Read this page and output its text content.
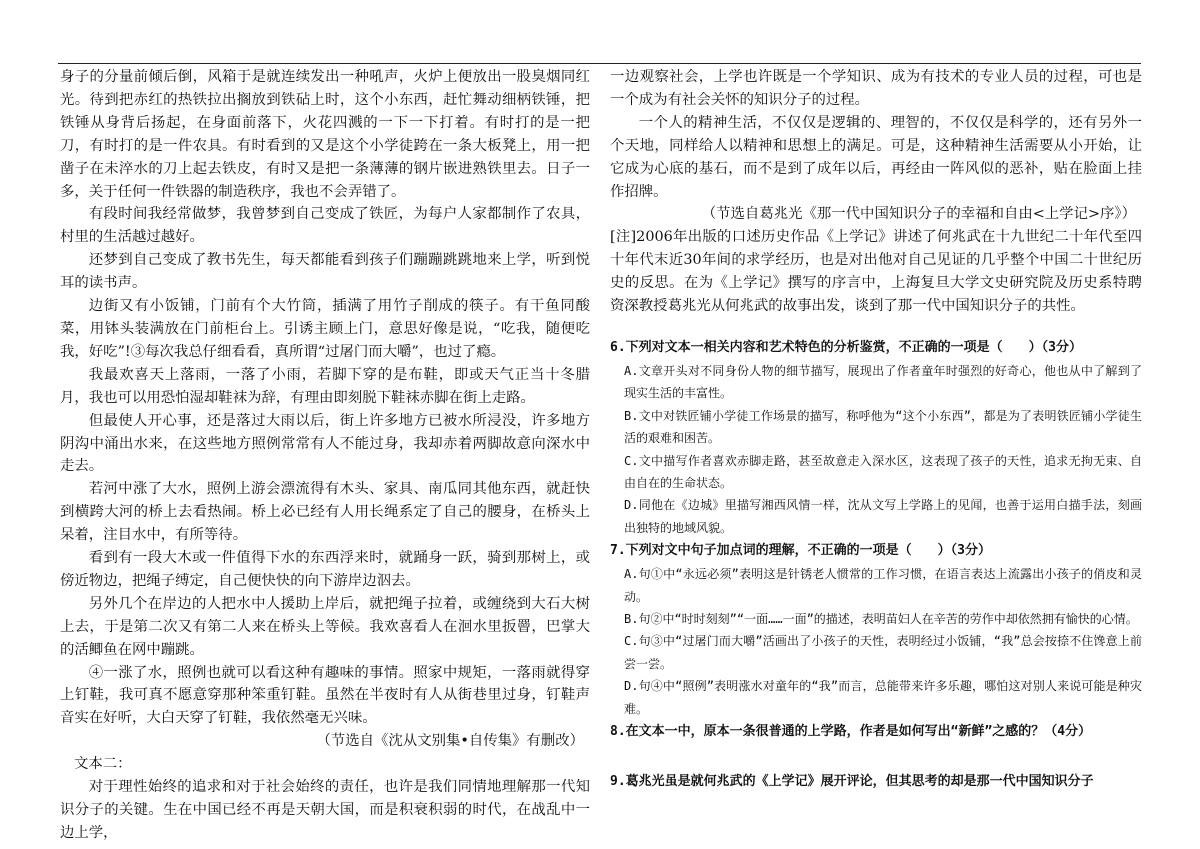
身子的分量前倾后倒，风箱于是就连续发出一种吼声，火炉上便放出一股臭烟同红光。待到把赤红的热铁拉出搁放到铁砧上时，这个小东西，赶忙舞动细柄铁锤，把铁锤从身背后扬起，在身面前落下，火花四溅的一下一下打着。有时打的是一把刀，有时打的是一件农具。有时看到的又是这个小学徒跨在一条大板凳上，用一把凿子在未淬水的刀上起去铁皮，有时又是把一条薄薄的钢片嵌进熟铁里去。日子一多，关于任何一件铁器的制造秩序，我也不会弄错了。

有段时间我经常做梦，我曾梦到自己变成了铁匠，为每户人家都制作了农具，村里的生活越过越好。

还梦到自己变成了教书先生，每天都能看到孩子们蹦蹦跳跳地来上学，听到悦耳的读书声。

边街又有小饭铺，门前有个大竹筒，插满了用竹子削成的筷子。有干鱼同酸菜，用钵头装满放在门前柜台上。引诱主顾上门，意思好像是说，“吃我，随便吃我，好吃”!③每次我总仔细看看，真所谓“过屠门而大嚼”，也过了瘾。

我最欢喜天上落雨，一落了小雨，若脚下穿的是布鞋，即或天气正当十冬腊月，我也可以用恐怕湿却鞋袜为辞，有理由即刻脱下鞋袜赤脚在街上走路。

但最使人开心事，还是落过大雨以后，街上许多地方已被水所浸没，许多地方阴沟中涌出水来，在这些地方照例常常有人不能过身，我却赤着两脚故意向深水中走去。

若河中涨了大水，照例上游会漂流得有木头、家具、南瓜同其他东西，就赶快到横跨大河的桥上去看热闹。桥上必已经有人用长绳系定了自己的腰身，在桥头上呆着，注目水中，有所等待。

看到有一段大木或一件值得下水的东西浮来时，就踊身一跃，骑到那树上，或傍近物边，把绳子缚定，自己便快快的向下游岸边泅去。

另外几个在岸边的人把水中人援助上岸后，就把绳子拉着，或缠绕到大石大树上去，于是第二次又有第二人来在桥头上等候。我欢喜看人在洄水里扳罾，巴掌大的活鲫鱼在网中蹦跳。

④一涨了水，照例也就可以看这种有趣味的事情。照家中规矩，一落雨就得穿上钉鞋，我可真不愿意穿那种笨重钉鞋。虽然在半夜时有人从街巷里过身，钉鞋声音实在好听，大白天穿了钉鞋，我依然毫无兴味。

（节选自《沈从文别集•自传集》有删改）

文本二：

对于理性始终的追求和对于社会始终的责任，也许是我们同情地理解那一代知识分子的关键。生在中国已经不再是天朝大国，而是积衰积弱的时代，在战乱中一边上学，

一边观察社会，上学也许既是一个学知识、成为有技术的专业人员的过程，可也是一个成为有社会关怀的知识分子的过程。

一个人的精神生活，不仅仅是逻辑的、理智的，不仅仅是科学的，还有另外一个天地，同样给人以精神和思想上的满足。可是，这种精神生活需要从小开始，让它成为心底的基石，而不是到了成年以后，再经由一阵风似的恶补，贴在脸面上挂作招牌。

（节选自葛兆光《那一代中国知识分子的幸福和自由<上学记>序》）

[注]2006年出版的口述历史作品《上学记》讲述了何兆武在十九世纪二十年代至四十年代末近30年间的求学经历，也是对出他对自己见证的几乎整个中国二十世纪历史的反思。在为《上学记》撰写的序言中，上海复旦大学文史研究院及历史系特聘资深教授葛兆光从何兆武的故事出发，谈到了那一代中国知识分子的共性。

6.下列对文本一相关内容和艺术特色的分析鉴赏，不正确的一项是（　　）（3分）

A.文章开头对不同身份人物的细节描写，展现出了作者童年时强烈的好奇心，他也从中了解到了现实生活的丰富性。

B.文中对铁匠铺小学徒工作场景的描写，称呼他为“这个小东西”，都是为了表明铁匠铺小学徒生活的艰难和困苦。

C.文中描写作者喜欢赤脚走路，甚至故意走入深水区，这表现了孩子的天性，追求无拘无束、自由自在的生命状态。

D.同他在《边城》里描写湘西风情一样，沈从文写上学路上的见闻，也善于运用白描手法，刻画出独特的地域风貌。

7.下列对文中句子加点词的理解，不正确的一项是（　　）（3分）

A.句①中“永远必须”表明这是针锈老人惯常的工作习惯，在语言表达上流露出小孩子的俏皮和灵动。

B.句②中“时时刻刻”“一面……一面”的描述，表明苗妇人在辛苦的劳作中却依然拥有愉快的心情。

C.句③中“过屠门而大嚼”活画出了小孩子的天性，表明经过小饭铺，“我”总会按捺不住馋意上前尝一尝。

D.句④中“照例”表明涨水对童年的“我”而言，总能带来许多乐趣，哪怕这对别人来说可能是种灾难。

8.在文本一中，原本一条很普通的上学路，作者是如何写出“新鲜”之感的？（4分）

9.葛兆光虽是就何兆武的《上学记》展开评论，但其思考的却是那一代中国知识分子
